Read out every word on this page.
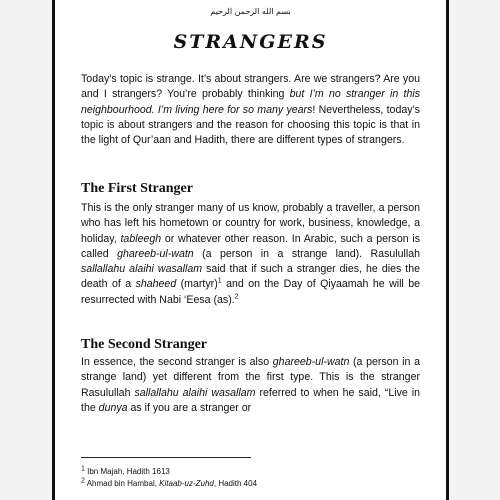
بسم الله الرحمن الرحيم
STRANGERS
Today’s topic is strange. It’s about strangers. Are we strangers? Are you and I strangers? You’re probably thinking but I’m no stranger in this neighbourhood. I’m living here for so many years! Nevertheless, today’s topic is about strangers and the reason for choosing this topic is that in the light of Qur’aan and Hadith, there are different types of strangers.
The First Stranger
This is the only stranger many of us know, probably a traveller, a person who has left his hometown or country for work, business, knowledge, a holiday, tableegh or whatever other reason. In Arabic, such a person is called ghareeb-ul-watn (a person in a strange land). Rasulullah sallallahu alaihi wasallam said that if such a stranger dies, he dies the death of a shaheed (martyr)$^1$ and on the Day of Qiyaamah he will be resurrected with Nabi ‘Eesa (as).$^2$
The Second Stranger
In essence, the second stranger is also ghareeb-ul-watn (a person in a strange land) yet different from the first type. This is the stranger Rasulullah sallallahu alaihi wasallam referred to when he said, “Live in the dunya as if you are a stranger or
$^1$ Ibn Majah, Hadith 1613
$^2$ Ahmad bin Hambal, Kitaab-uz-Zuhd, Hadith 404
